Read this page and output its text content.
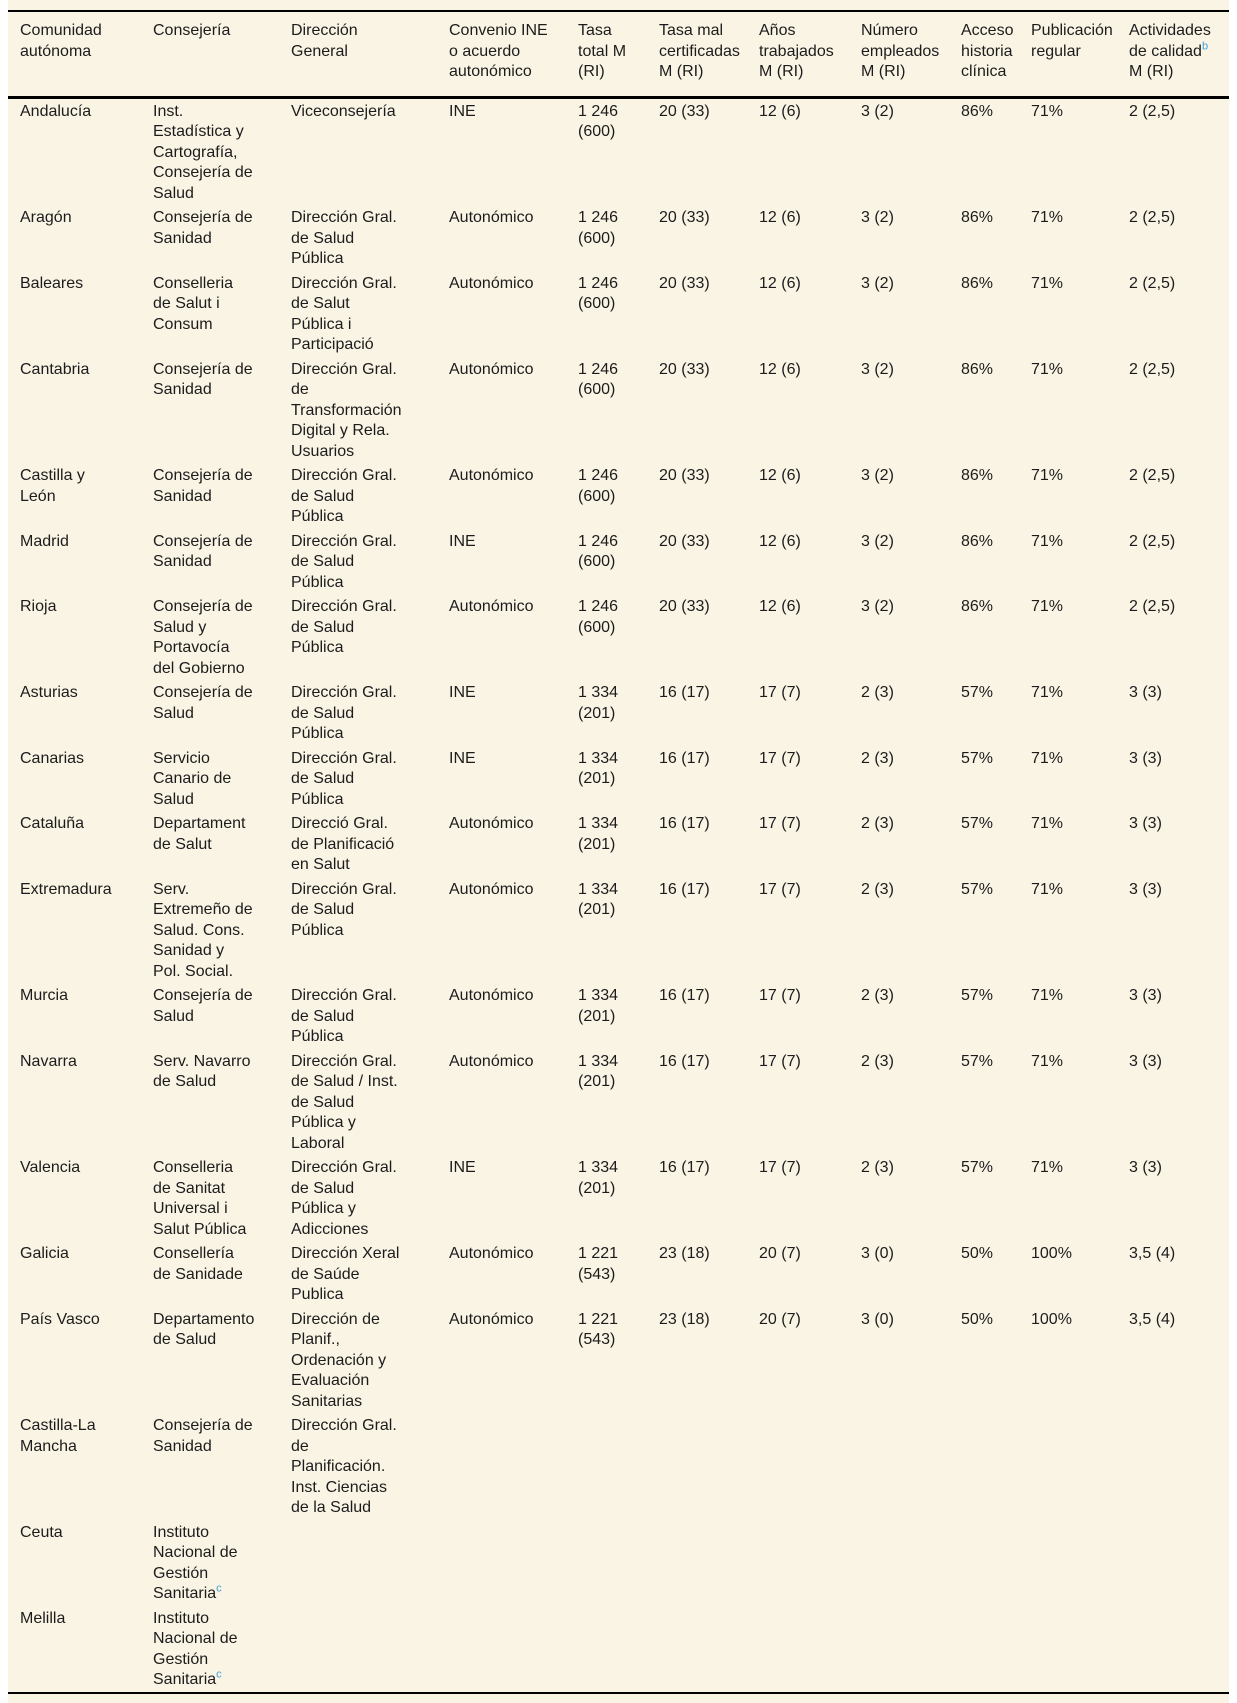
Comunidad autónoma	Consejería	Dirección General	Convenio INE o acuerdo autonómico	Tasa total M (RI)	Tasa mal certificadas M (RI)	Años trabajados M (RI)	Número empleados M (RI)	Acceso historia clínica	Publicación regular	Actividades de calidad$^b$ M (RI)
Andalucía	Inst. Estadística y Cartografía, Consejería de Salud	Viceconsejería	INE	1 246 (600)	20 (33)	12 (6)	3 (2)	86%	71%	2 (2,5)
Aragón	Consejería de Sanidad	Dirección Gral. de Salud Pública	Autonómico	1 246 (600)	20 (33)	12 (6)	3 (2)	86%	71%	2 (2,5)
Baleares	Conselleria de Salut i Consum	Dirección Gral. de Salut Pública i Participació	Autonómico	1 246 (600)	20 (33)	12 (6)	3 (2)	86%	71%	2 (2,5)
Cantabria	Consejería de Sanidad	Dirección Gral. de Transformación Digital y Rela. Usuarios	Autonómico	1 246 (600)	20 (33)	12 (6)	3 (2)	86%	71%	2 (2,5)
Castilla y León	Consejería de Sanidad	Dirección Gral. de Salud Pública	Autonómico	1 246 (600)	20 (33)	12 (6)	3 (2)	86%	71%	2 (2,5)
Madrid	Consejería de Sanidad	Dirección Gral. de Salud Pública	INE	1 246 (600)	20 (33)	12 (6)	3 (2)	86%	71%	2 (2,5)
Rioja	Consejería de Salud y Portavocía del Gobierno	Dirección Gral. de Salud Pública	Autonómico	1 246 (600)	20 (33)	12 (6)	3 (2)	86%	71%	2 (2,5)
Asturias	Consejería de Salud	Dirección Gral. de Salud Pública	INE	1 334 (201)	16 (17)	17 (7)	2 (3)	57%	71%	3 (3)
Canarias	Servicio Canario de Salud	Dirección Gral. de Salud Pública	INE	1 334 (201)	16 (17)	17 (7)	2 (3)	57%	71%	3 (3)
Cataluña	Departament de Salut	Direcció Gral. de Planificació en Salut	Autonómico	1 334 (201)	16 (17)	17 (7)	2 (3)	57%	71%	3 (3)
Extremadura	Serv. Extremeño de Salud. Cons. Sanidad y Pol. Social.	Dirección Gral. de Salud Pública	Autonómico	1 334 (201)	16 (17)	17 (7)	2 (3)	57%	71%	3 (3)
Murcia	Consejería de Salud	Dirección Gral. de Salud Pública	Autonómico	1 334 (201)	16 (17)	17 (7)	2 (3)	57%	71%	3 (3)
Navarra	Serv. Navarro de Salud	Dirección Gral. de Salud / Inst. de Salud Pública y Laboral	Autonómico	1 334 (201)	16 (17)	17 (7)	2 (3)	57%	71%	3 (3)
Valencia	Conselleria de Sanitat Universal i Salut Pública	Dirección Gral. de Salud Pública y Adicciones	INE	1 334 (201)	16 (17)	17 (7)	2 (3)	57%	71%	3 (3)
Galicia	Consellería de Sanidade	Dirección Xeral de Saúde Publica	Autonómico	1 221 (543)	23 (18)	20 (7)	3 (0)	50%	100%	3,5 (4)
País Vasco	Departamento de Salud	Dirección de Planif., Ordenación y Evaluación Sanitarias	Autonómico	1 221 (543)	23 (18)	20 (7)	3 (0)	50%	100%	3,5 (4)
Castilla-La Mancha	Consejería de Sanidad	Dirección Gral. de Planificación. Inst. Ciencias de la Salud								
Ceuta	Instituto Nacional de Gestión Sanitaria$^c$									
Melilla	Instituto Nacional de Gestión Sanitaria$^c$									
